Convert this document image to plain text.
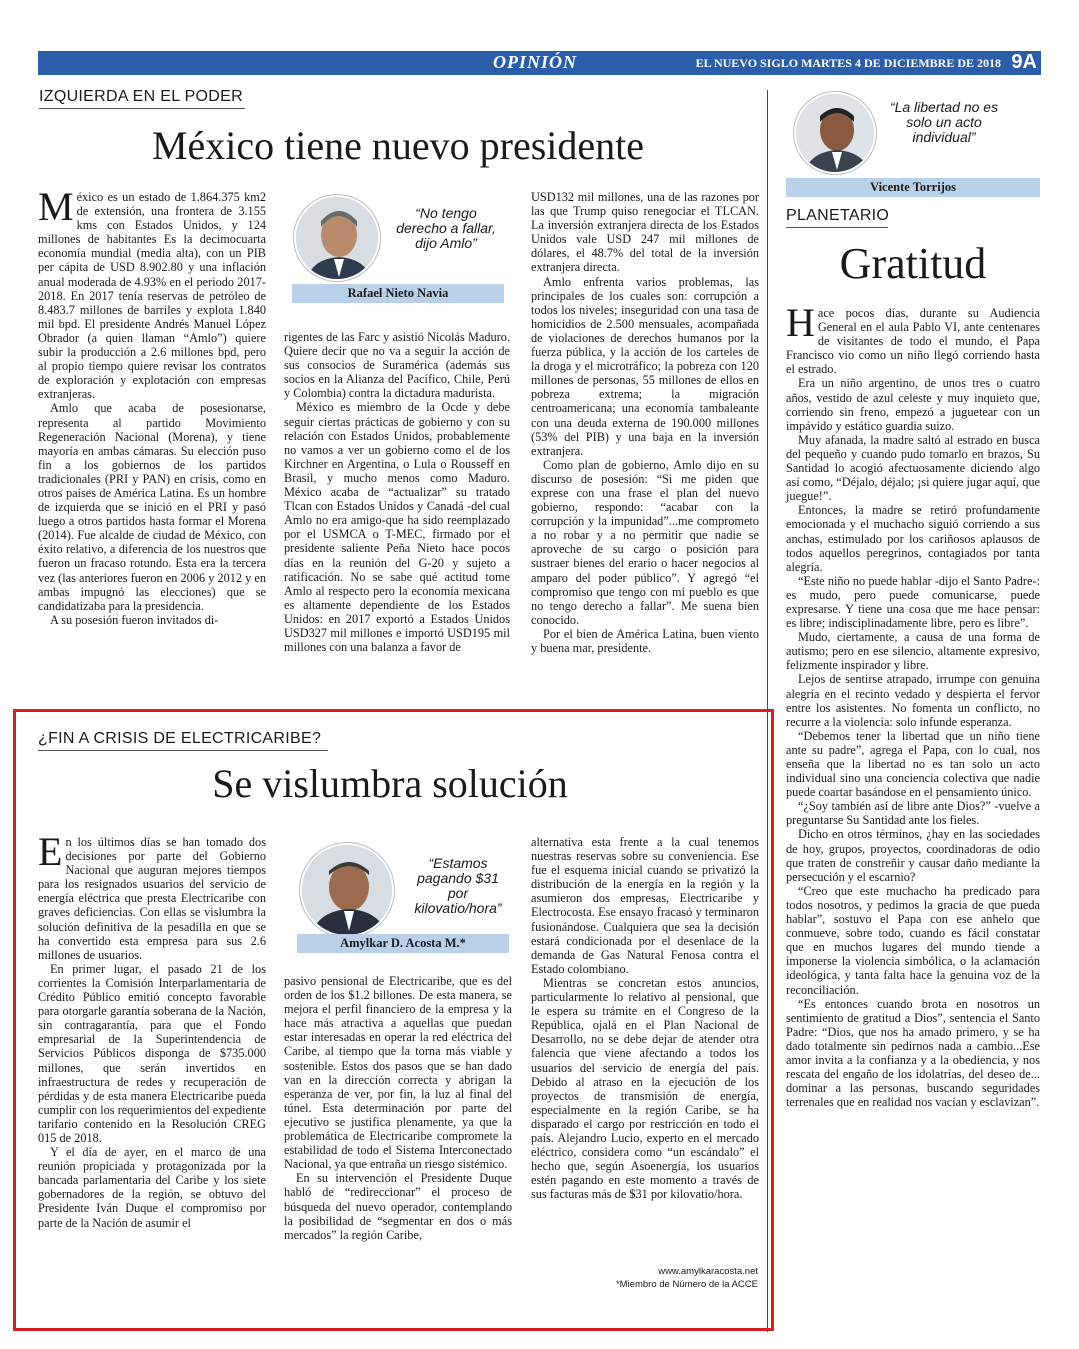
OPINIÓN	EL NUEVO SIGLO MARTES 4 DE DICIEMBRE DE 2018 9A
IZQUIERDA EN EL PODER
México tiene nuevo presidente

México es un estado de 1.864.375 km2 de extensión, una frontera de 3.155 kms con Estados Unidos, y 124 millones de habitantes Es la decimocuarta economía mundial (media alta), con un PIB per cápita de USD 8.902.80 y una inflación anual moderada de 4.93% en el periodo 2017-2018. En 2017 tenía reservas de petróleo de 8.483.7 millones de barriles y explota 1.840 mil bpd. El presidente Andrés Manuel López Obrador (a quien llaman “Amlo”) quiere subir la producción a 2.6 millones bpd, pero al propio tiempo quiere revisar los contratos de exploración y explotación con empresas extranjeras.

Amlo que acaba de posesionarse, representa al partido Movimiento Regeneración Nacional (Morena), y tiene mayoría en ambas cámaras. Su elección puso fin a los gobiernos de los partidos tradicionales (PRI y PAN) en crisis, como en otros países de América Latina. Es un hombre de izquierda que se inició en el PRI y pasó luego a otros partidos hasta formar el Morena (2014). Fue alcalde de ciudad de México, con éxito relativo, a diferencia de los nuestros que fueron un fracaso rotundo. Esta era la tercera vez (las anteriores fueron en 2006 y 2012 y en ambas impugnó las elecciones) que se candidatizaba para la presidencia.

A su posesión fueron invitados di-

“No tengo derecho a fallar, dijo Amlo”
Rafael Nieto Navia

rigentes de las Farc y asistió Nicolás Maduro. Quiere decir que no va a seguir la acción de sus consocios de Suramérica (además sus socios en la Alianza del Pacífico, Chile, Perú y Colombia) contra la dictadura madurista.

México es miembro de la Ocde y debe seguir ciertas prácticas de gobierno y con su relación con Estados Unidos, probablemente no vamos a ver un gobierno como el de los Kirchner en Argentina, o Lula o Rousseff en Brasil, y mucho menos como Maduro. México acaba de “actualizar” su tratado Tlcan con Estados Unidos y Canadá -del cual Amlo no era amigo-que ha sido reemplazado por el USMCA o T-MEC, firmado por el presidente saliente Peña Nieto hace pocos días en la reunión del G-20 y sujeto a ratificación. No se sabe qué actitud tome Amlo al respecto pero la economía mexicana es altamente dependiente de los Estados Unidos: en 2017 exportó a Estados Unidos USD327 mil millones e importó USD195 mil millones con una balanza a favor de

USD132 mil millones, una de las razones por las que Trump quiso renegociar el TLCAN. La inversión extranjera directa de los Estados Unidos vale USD 247 mil millones de dólares, el 48.7% del total de la inversión extranjera directa.

Amlo enfrenta varios problemas, las principales de los cuales son: corrupción a todos los niveles; inseguridad con una tasa de homicidios de 2.500 mensuales, acompañada de violaciones de derechos humanos por la fuerza pública, y la acción de los carteles de la droga y el microtráfico; la pobreza con 120 millones de personas, 55 millones de ellos en pobreza extrema; la migración centroamericana; una economía tambaleante con una deuda externa de 190.000 millones (53% del PIB) y una baja en la inversión extranjera.

Como plan de gobierno, Amlo dijo en su discurso de posesión: “Si me piden que exprese con una frase el plan del nuevo gobierno, respondo: “acabar con la corrupción y la impunidad”...me comprometo a no robar y a no permitir que nadie se aproveche de su cargo o posición para sustraer bienes del erario o hacer negocios al amparo del poder público”. Y agregó “el compromiso que tengo con mi pueblo es que no tengo derecho a fallar”. Me suena bien conocido.

Por el bien de América Latina, buen viento y buena mar, presidente.

“La libertad no es solo un acto individual”
Vicente Torrijos
PLANETARIO
Gratitud

Hace pocos días, durante su Audiencia General en el aula Pablo VI, ante centenares de visitantes de todo el mundo, el Papa Francisco vio como un niño llegó corriendo hasta el estrado.

Era un niño argentino, de unos tres o cuatro años, vestido de azul celeste y muy inquieto que, corriendo sin freno, empezó a juguetear con un impávido y estático guardia suizo.

Muy afanada, la madre saltó al estrado en busca del pequeño y cuando pudo tomarlo en brazos, Su Santidad lo acogió afectuosamente diciendo algo así como, “Déjalo, déjalo; ¡si quiere jugar aquí, que juegue!”.

Entonces, la madre se retiró profundamente emocionada y el muchacho siguió corriendo a sus anchas, estimulado por los cariñosos aplausos de todos aquellos peregrinos, contagiados por tanta alegría.

“Este niño no puede hablar -dijo el Santo Padre-: es mudo, pero puede comunicarse, puede expresarse. Y tiene una cosa que me hace pensar: es libre; indisciplinadamente libre, pero es libre”.

Mudo, ciertamente, a causa de una forma de autismo; pero en ese silencio, altamente expresivo, felizmente inspirador y libre.

Lejos de sentirse atrapado, irrumpe con genuina alegría en el recinto vedado y despierta el fervor entre los asistentes. No fomenta un conflicto, no recurre a la violencia: solo infunde esperanza.

“Debemos tener la libertad que un niño tiene ante su padre”, agrega el Papa, con lo cual, nos enseña que la libertad no es tan solo un acto individual sino una conciencia colectiva que nadie puede coartar basándose en el pensamiento único.

“¿Soy también así de libre ante Dios?” -vuelve a preguntarse Su Santidad ante los fieles.

Dicho en otros términos, ¿hay en las sociedades de hoy, grupos, proyectos, coordinadoras de odio que traten de constreñir y causar daño mediante la persecución y el escarnio?

“Creo que este muchacho ha predicado para todos nosotros, y pedimos la gracia de que pueda hablar”, sostuvo el Papa con ese anhelo que conmueve, sobre todo, cuando es fácil constatar que en muchos lugares del mundo tiende a imponerse la violencia simbólica, o la aclamación ideológica, y tanta falta hace la genuina voz de la reconciliación.

“Es entonces cuando brota en nosotros un sentimiento de gratitud a Dios”, sentencia el Santo Padre: “Dios, que nos ha amado primero, y se ha dado totalmente sin pedirnos nada a cambio...Ese amor invita a la confianza y a la obediencia, y nos rescata del engaño de los idolatrías, del deseo de... dominar a las personas, buscando seguridades terrenales que en realidad nos vacían y esclavizan”.

¿FIN A CRISIS DE ELECTRICARIBE?
Se vislumbra solución

En los últimos días se han tomado dos decisiones por parte del Gobierno Nacional que auguran mejores tiempos para los resignados usuarios del servicio de energía eléctrica que presta Electricaribe con graves deficiencias. Con ellas se vislumbra la solución definitiva de la pesadilla en que se ha convertido esta empresa para sus 2.6 millones de usuarios.

En primer lugar, el pasado 21 de los corrientes la Comisión Interparlamentaria de Crédito Público emitió concepto favorable para otorgarle garantía soberana de la Nación, sin contragarantía, para que el Fondo empresarial de la Superintendencia de Servicios Públicos disponga de $735.000 millones, que serán invertidos en infraestructura de redes y recuperación de pérdidas y de esta manera Electricaribe pueda cumplir con los requerimientos del expediente tarifario contenido en la Resolución CREG 015 de 2018.

Y el día de ayer, en el marco de una reunión propiciada y protagonizada por la bancada parlamentaria del Caribe y los siete gobernadores de la región, se obtuvo del Presidente Iván Duque el compromiso por parte de la Nación de asumir el

“Estamos pagando $31 por kilovatio/hora”
Amylkar D. Acosta M.*

pasivo pensional de Electricaribe, que es del orden de los $1.2 billones. De esta manera, se mejora el perfil financiero de la empresa y la hace más atractiva a aquellas que puedan estar interesadas en operar la red eléctrica del Caribe, al tiempo que la torna más viable y sostenible. Estos dos pasos que se han dado van en la dirección correcta y abrigan la esperanza de ver, por fin, la luz al final del túnel. Esta determinación por parte del ejecutivo se justifica plenamente, ya que la problemática de Electricaribe compromete la estabilidad de todo el Sistema Interconectado Nacional, ya que entraña un riesgo sistémico.

En su intervención el Presidente Duque habló de “redireccionar” el proceso de búsqueda del nuevo operador, contemplando la posibilidad de “segmentar en dos o más mercados” la región Caribe,

alternativa esta frente a la cual tenemos nuestras reservas sobre su conveniencia. Ese fue el esquema inicial cuando se privatizó la distribución de la energía en la región y la asumieron dos empresas, Electricaribe y Electrocosta. Ese ensayo fracasó y terminaron fusionándose. Cualquiera que sea la decisión estará condicionada por el desenlace de la demanda de Gas Natural Fenosa contra el Estado colombiano.

Mientras se concretan estos anuncios, particularmente lo relativo al pensional, que le espera su trámite en el Congreso de la República, ojalá en el Plan Nacional de Desarrollo, no se debe dejar de atender otra falencia que viene afectando a todos los usuarios del servicio de energía del país. Debido al atraso en la ejecución de los proyectos de transmisión de energía, especialmente en la región Caribe, se ha disparado el cargo por restricción en todo el país. Alejandro Lucio, experto en el mercado eléctrico, considera como “un escándalo” el hecho que, según Asoenergía, los usuarios estén pagando en este momento a través de sus facturas más de $31 por kilovatio/hora.

www.amylkaracosta.net
*Miembro de Número de la ACCE
